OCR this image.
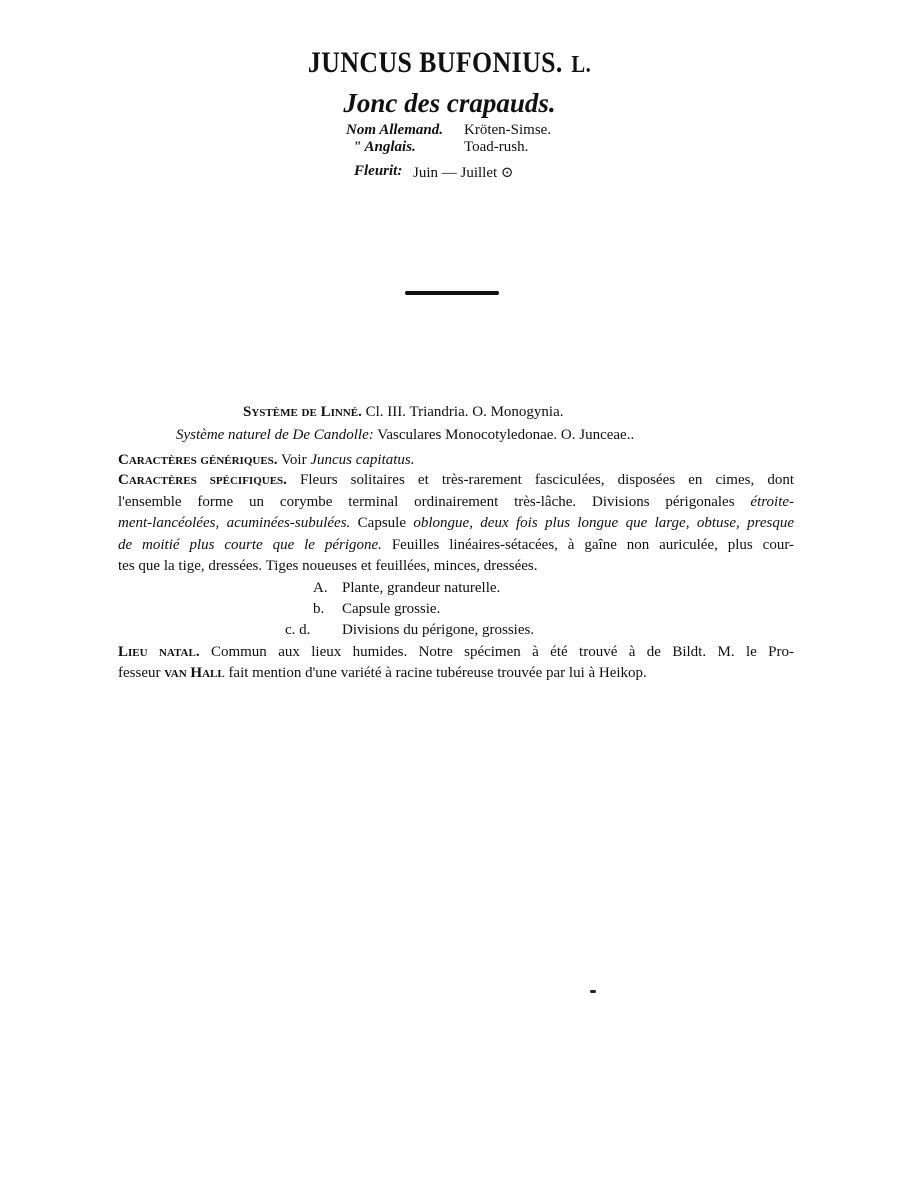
JUNCUS BUFONIUS. L.
Jonc des crapauds.
Nom Allemand. Kröten-Simse.
" Anglais.	Toad-rush.
Fleurit: Juin — Juillet ⊙
Système de Linné. Cl. III. Triandria. O. Monogynia.
Système naturel de De Candolle: Vasculares Monocotyledonae. O. Junceae..
Caractères génériques. Voir Juncus capitatus.
Caractères spécifiques. Fleurs solitaires et très-rarement fasciculées, disposées en cimes, dont
l'ensemble forme un corymbe terminal ordinairement très-lâche. Divisions périgonales étroite-
ment-lancéolées, acuminées-subulées. Capsule oblongue, deux fois plus longue que large, obtuse, presque
de moitié plus courte que le périgone. Feuilles linéaires-sétacées, à gaîne non auriculée, plus cour-
tes que la tige, dressées. Tiges noueuses et feuillées, minces, dressées.
A. Plante, grandeur naturelle.
b. Capsule grossie.
c. d. Divisions du périgone, grossies.
Lieu natal. Commun aux lieux humides. Notre spécimen à été trouvé à de Bildt. M. le Pro-
fesseur van Hall fait mention d'une variété à racine tubéreuse trouvée par lui à Heikop.
